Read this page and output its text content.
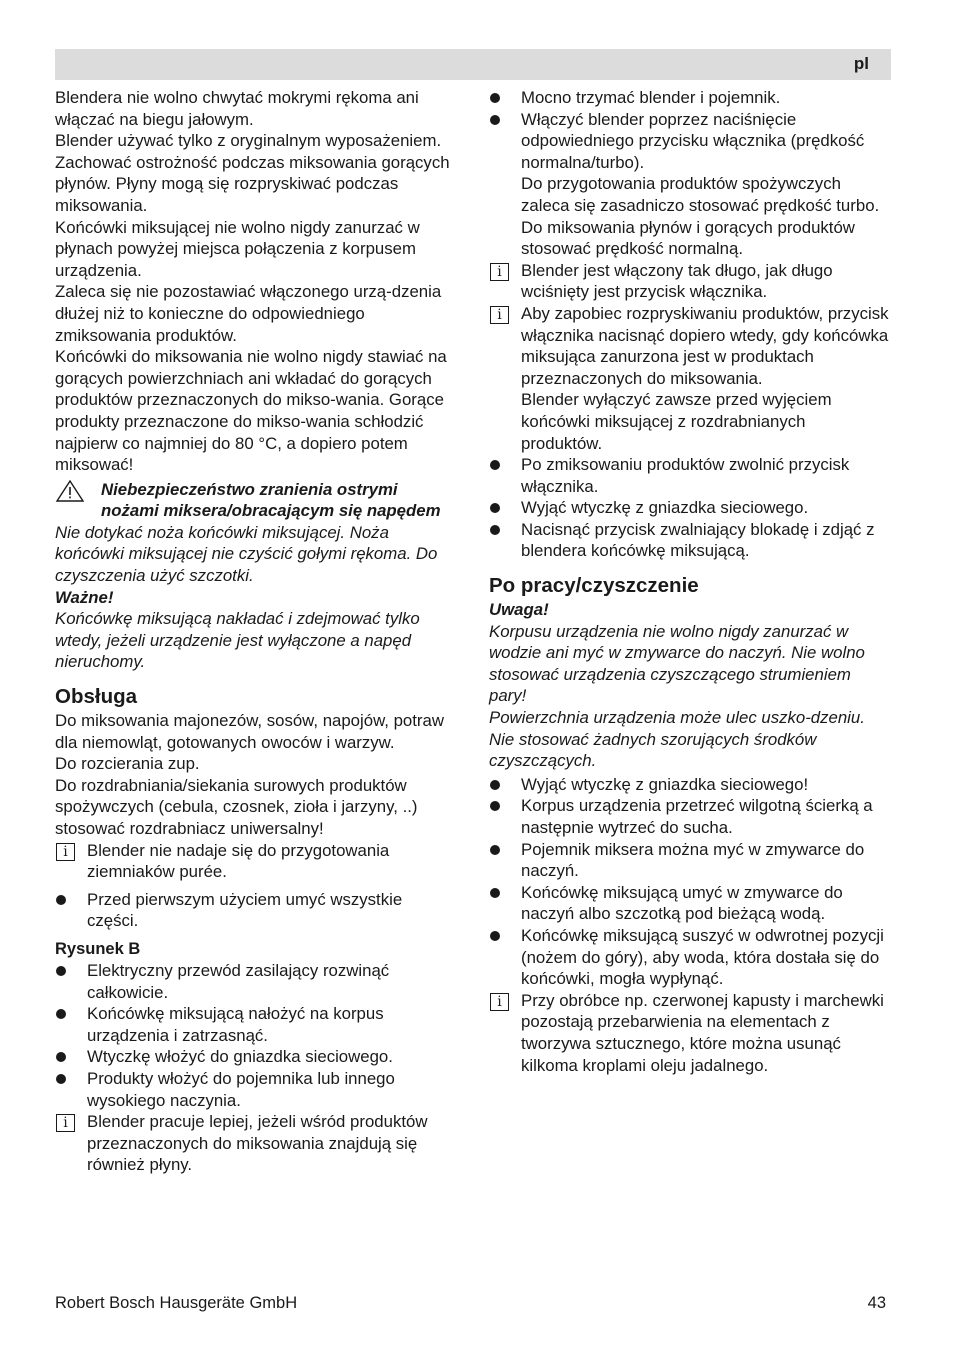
pl

Blendera nie wolno chwytać mokrymi rękoma ani włączać na biegu jałowym.

Blender używać tylko z oryginalnym wyposażeniem. Zachować ostrożność podczas miksowania gorących płynów. Płyny mogą się rozpryskiwać podczas miksowania.

Końcówki miksującej nie wolno nigdy zanurzać w płynach powyżej miejsca połączenia z korpusem urządzenia.

Zaleca się nie pozostawiać włączonego urzą-dzenia dłużej niż to konieczne do odpowiedniego zmiksowania produktów.

Końcówki do miksowania nie wolno nigdy stawiać na gorących powierzchniach ani wkładać do gorących produktów przeznaczonych do mikso-wania. Gorące produkty przeznaczone do mikso-wania schłodzić najpierw co najmniej do 80 °C, a dopiero potem miksować!

Niebezpieczeństwo zranienia ostrymi nożami miksera/obracającym się napędem

Nie dotykać noża końcówki miksującej. Noża końcówki miksującej nie czyścić gołymi rękoma. Do czyszczenia użyć szczotki.

Ważne!

Końcówkę miksującą nakładać i zdejmować tylko wtedy, jeżeli urządzenie jest wyłączone a napęd nieruchomy.

Obsługa

Do miksowania majonezów, sosów, napojów, potraw dla niemowląt, gotowanych owoców i warzyw.

Do rozcierania zup.

Do rozdrabniania/siekania surowych produktów spożywczych (cebula, czosnek, zioła i jarzyny, ..) stosować rozdrabniacz uniwersalny!

i	Blender nie nadaje się do przygotowania ziemniaków purée.

Przed pierwszym użyciem umyć wszystkie części.

Rysunek B

Elektryczny przewód zasilający rozwinąć całkowicie.

Końcówkę miksującą nałożyć na korpus urządzenia i zatrzasnąć.

Wtyczkę włożyć do gniazdka sieciowego.

Produkty włożyć do pojemnika lub innego wysokiego naczynia.

i	Blender pracuje lepiej, jeżeli wśród produktów przeznaczonych do miksowania znajdują się również płyny.

Mocno trzymać blender i pojemnik.

Włączyć blender poprzez naciśnięcie odpowiedniego przycisku włącznika (prędkość normalna/turbo).

Do przygotowania produktów spożywczych zaleca się zasadniczo stosować prędkość turbo. Do miksowania płynów i gorących produktów stosować prędkość normalną.

i	Blender jest włączony tak długo, jak długo wciśnięty jest przycisk włącznika.

i	Aby zapobiec rozpryskiwaniu produktów, przycisk włącznika nacisnąć dopiero wtedy, gdy końcówka miksująca zanurzona jest w produktach przeznaczonych do miksowania.

Blender wyłączyć zawsze przed wyjęciem końcówki miksującej z rozdrabnianych produktów.

Po zmiksowaniu produktów zwolnić przycisk włącznika.

Wyjąć wtyczkę z gniazdka sieciowego.

Nacisnąć przycisk zwalniający blokadę i zdjąć z blendera końcówkę miksującą.

Po pracy/czyszczenie

Uwaga!

Korpusu urządzenia nie wolno nigdy zanurzać w wodzie ani myć w zmywarce do naczyń. Nie wolno stosować urządzenia czyszczącego strumieniem pary!

Powierzchnia urządzenia może ulec uszko-dzeniu. Nie stosować żadnych szorujących środków czyszczących.

Wyjąć wtyczkę z gniazdka sieciowego!

Korpus urządzenia przetrzeć wilgotną ścierką a następnie wytrzeć do sucha.

Pojemnik miksera można myć w zmywarce do naczyń.

Końcówkę miksującą umyć w zmywarce do naczyń albo szczotką pod bieżącą wodą.

Końcówkę miksującą suszyć w odwrotnej pozycji (nożem do góry), aby woda, która dostała się do końcówki, mogła wypłynąć.

i	Przy obróbce np. czerwonej kapusty i marchewki pozostają przebarwienia na elementach z tworzywa sztucznego, które można usunąć kilkoma kroplami oleju jadalnego.

Robert Bosch Hausgeräte GmbH	43
